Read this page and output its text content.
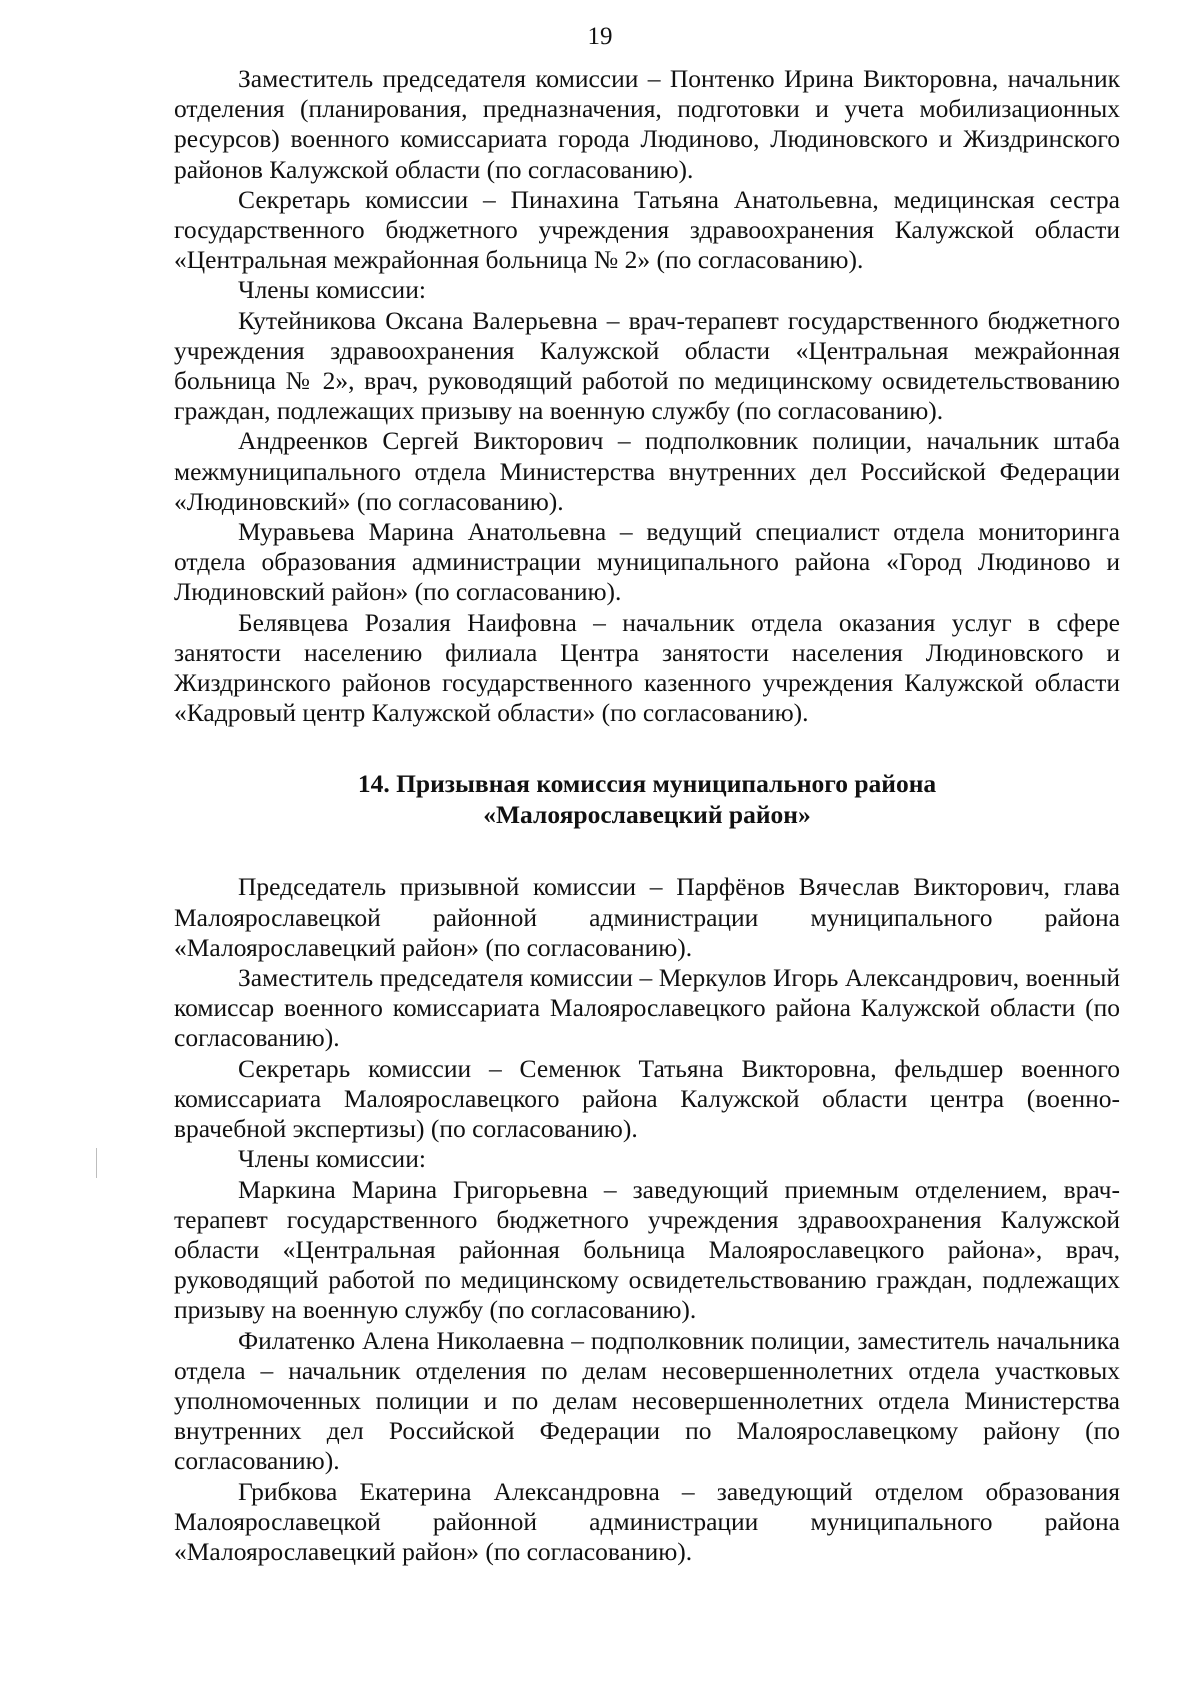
19

Заместитель председателя комиссии – Понтенко Ирина Викторовна, начальник отделения (планирования, предназначения, подготовки и учета мобилизационных ресурсов) военного комиссариата города Людиново, Людиновского и Жиздринского районов Калужской области (по согласованию).

Секретарь комиссии – Пинахина Татьяна Анатольевна, медицинская сестра государственного бюджетного учреждения здравоохранения Калужской области «Центральная межрайонная больница № 2» (по согласованию).

Члены комиссии:

Кутейникова Оксана Валерьевна – врач-терапевт государственного бюджетного учреждения здравоохранения Калужской области «Центральная межрайонная больница № 2», врач, руководящий работой по медицинскому освидетельствованию граждан, подлежащих призыву на военную службу (по согласованию).

Андреенков Сергей Викторович – подполковник полиции, начальник штаба межмуниципального отдела Министерства внутренних дел Российской Федерации «Людиновский» (по согласованию).

Муравьева Марина Анатольевна – ведущий специалист отдела мониторинга отдела образования администрации муниципального района «Город Людиново и Людиновский район» (по согласованию).

Белявцева Розалия Наифовна – начальник отдела оказания услуг в сфере занятости населению филиала Центра занятости населения Людиновского и Жиздринского районов государственного казенного учреждения Калужской области «Кадровый центр Калужской области» (по согласованию).

14. Призывная комиссия муниципального района

«Малоярославецкий район»

Председатель призывной комиссии – Парфёнов Вячеслав Викторович, глава Малоярославецкой районной администрации муниципального района «Малоярославецкий район» (по согласованию).

Заместитель председателя комиссии – Меркулов Игорь Александрович, военный комиссар военного комиссариата Малоярославецкого района Калужской области (по согласованию).

Секретарь комиссии – Семенюк Татьяна Викторовна, фельдшер военного комиссариата Малоярославецкого района Калужской области центра (военно-врачебной экспертизы) (по согласованию).

Члены комиссии:

Маркина Марина Григорьевна – заведующий приемным отделением, врач-терапевт государственного бюджетного учреждения здравоохранения Калужской области «Центральная районная больница Малоярославецкого района», врач, руководящий работой по медицинскому освидетельствованию граждан, подлежащих призыву на военную службу (по согласованию).

Филатенко Алена Николаевна – подполковник полиции, заместитель начальника отдела – начальник отделения по делам несовершеннолетних отдела участковых уполномоченных полиции и по делам несовершеннолетних отдела Министерства внутренних дел Российской Федерации по Малоярославецкому району (по согласованию).

Грибкова Екатерина Александровна – заведующий отделом образования Малоярославецкой районной администрации муниципального района «Малоярославецкий район» (по согласованию).
